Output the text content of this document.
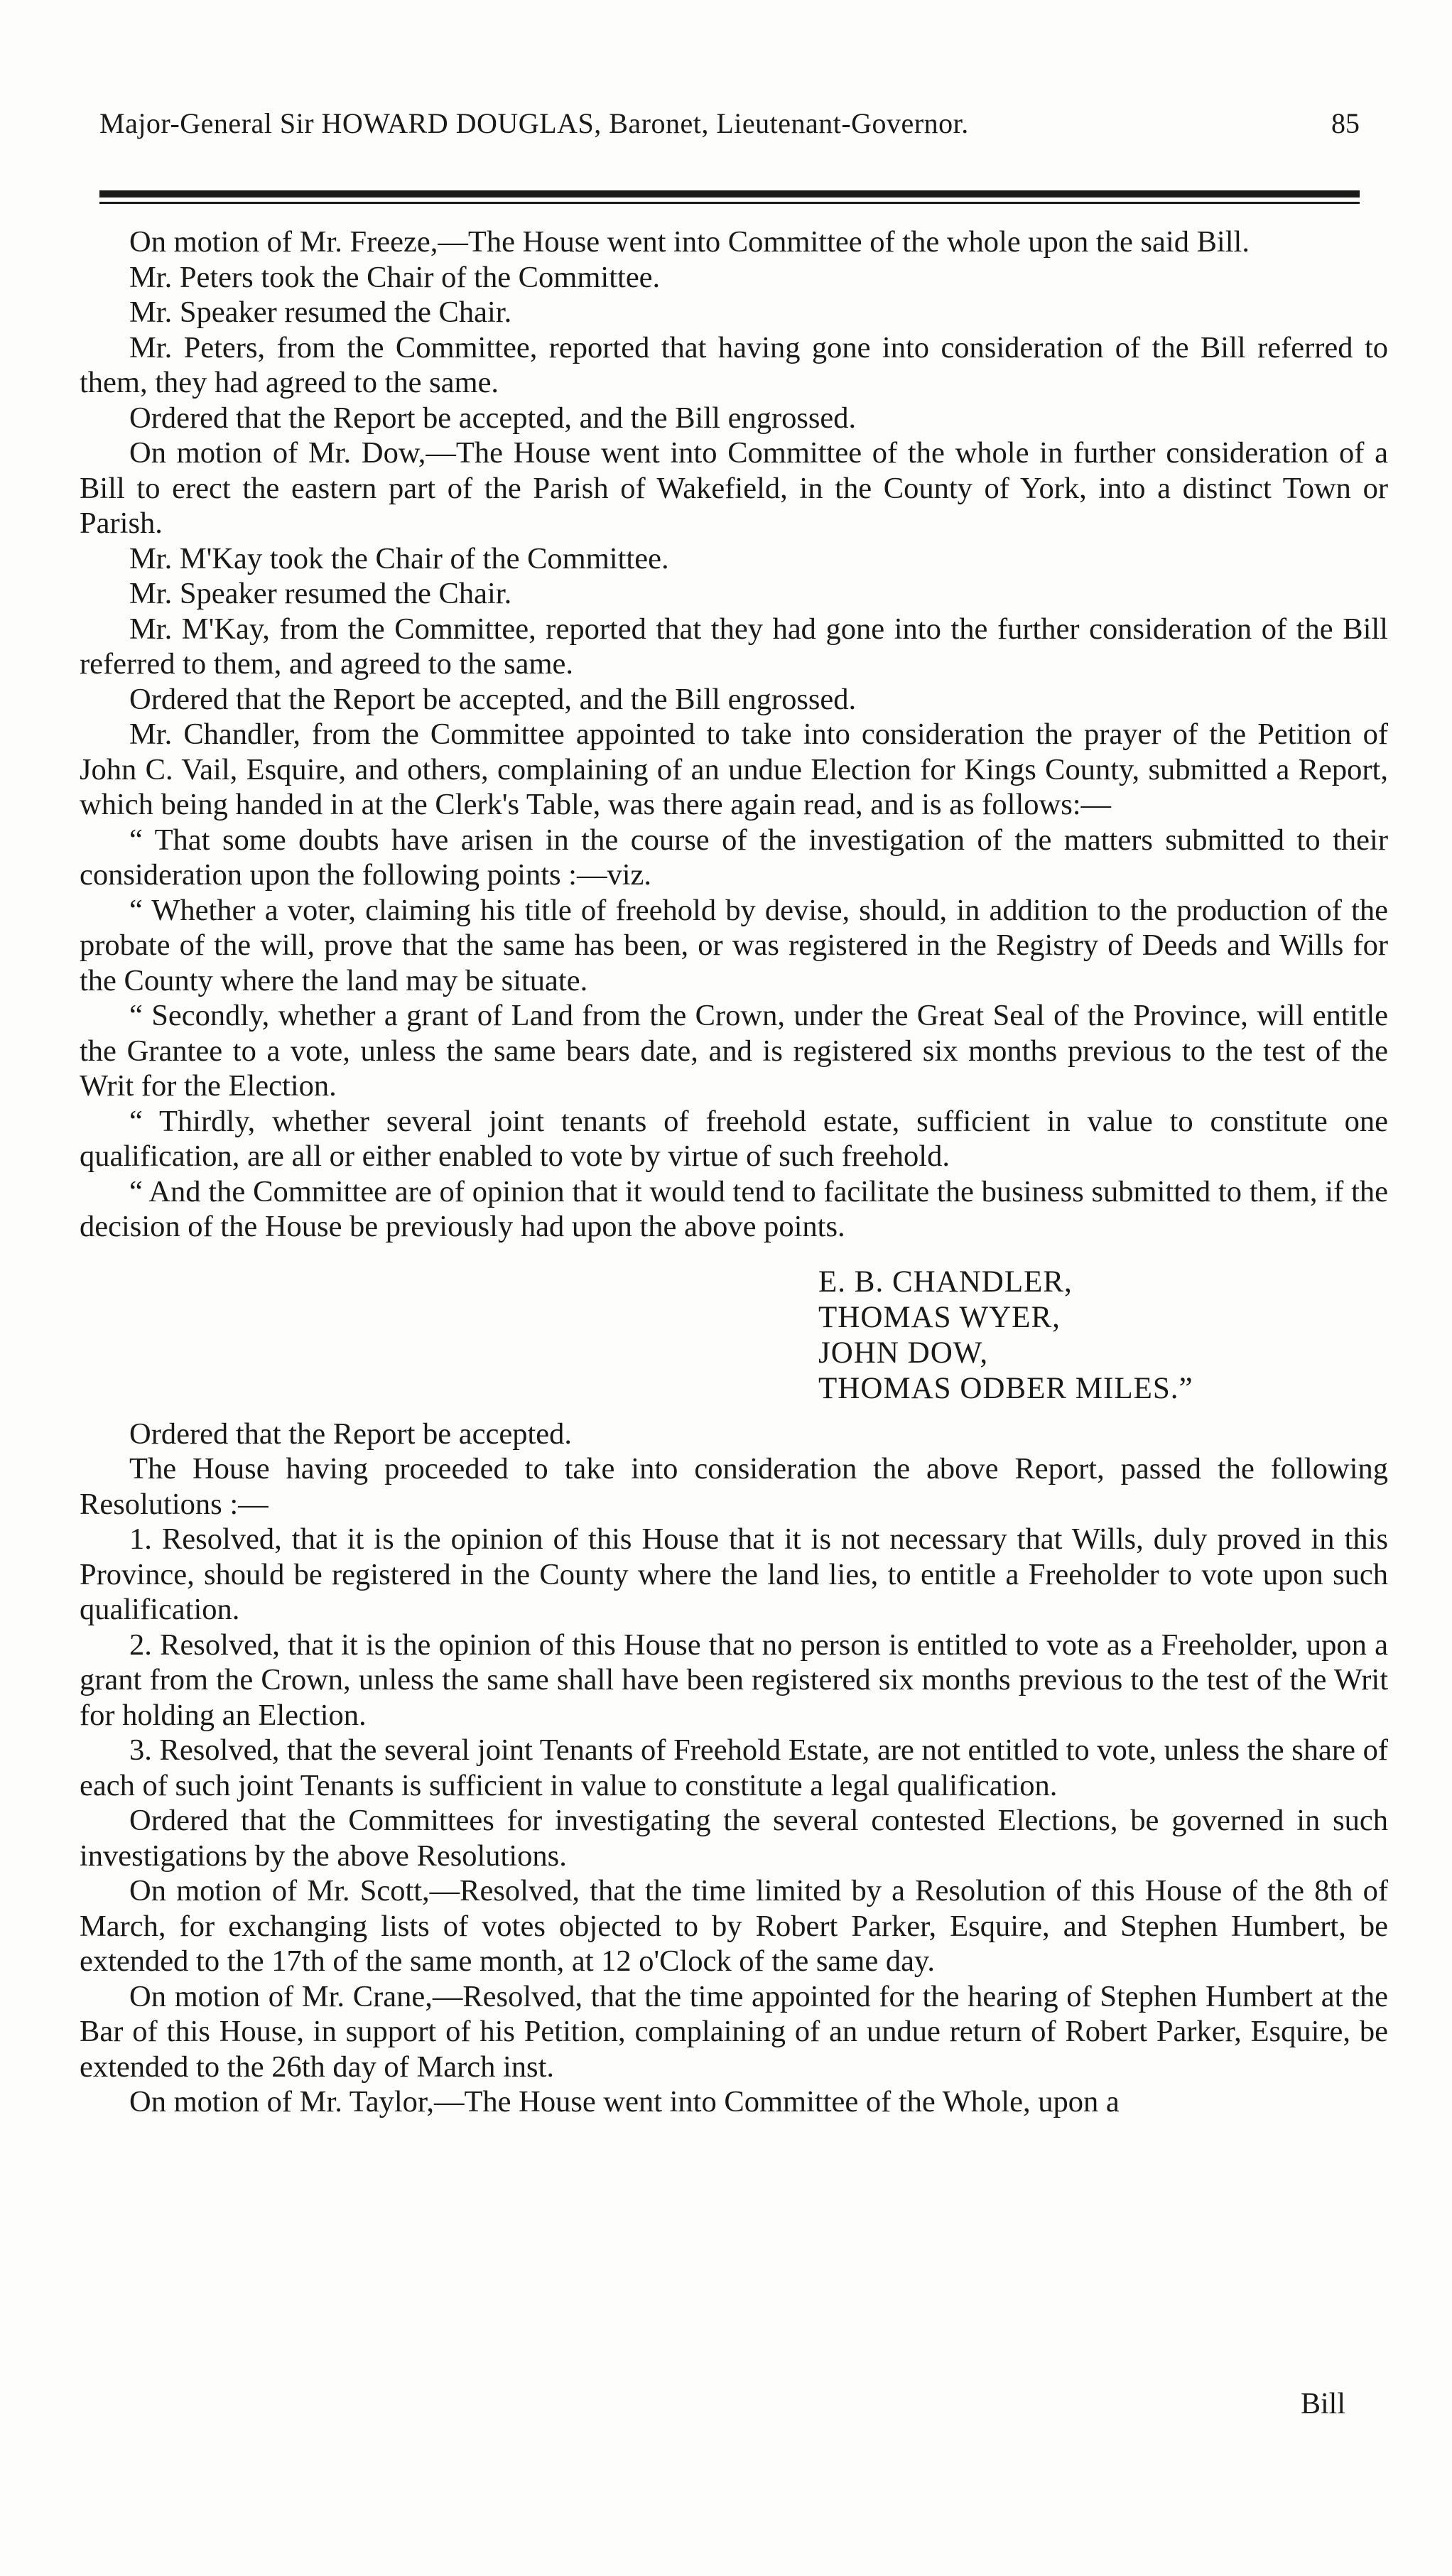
Major-General Sir HOWARD DOUGLAS, Baronet, Lieutenant-Governor.	85

On motion of Mr. Freeze,—The House went into Committee of the whole upon the said Bill.

Mr. Peters took the Chair of the Committee.

Mr. Speaker resumed the Chair.

Mr. Peters, from the Committee, reported that having gone into consideration of the Bill referred to them, they had agreed to the same.

Ordered that the Report be accepted, and the Bill engrossed.

On motion of Mr. Dow,—The House went into Committee of the whole in further consideration of a Bill to erect the eastern part of the Parish of Wakefield, in the County of York, into a distinct Town or Parish.

Mr. M'Kay took the Chair of the Committee.

Mr. Speaker resumed the Chair.

Mr. M'Kay, from the Committee, reported that they had gone into the further consideration of the Bill referred to them, and agreed to the same.

Ordered that the Report be accepted, and the Bill engrossed.

Mr. Chandler, from the Committee appointed to take into consideration the prayer of the Petition of John C. Vail, Esquire, and others, complaining of an undue Election for Kings County, submitted a Report, which being handed in at the Clerk's Table, was there again read, and is as follows:—

“ That some doubts have arisen in the course of the investigation of the matters submitted to their consideration upon the following points :—viz.

“ Whether a voter, claiming his title of freehold by devise, should, in addition to the production of the probate of the will, prove that the same has been, or was registered in the Registry of Deeds and Wills for the County where the land may be situate.

“ Secondly, whether a grant of Land from the Crown, under the Great Seal of the Province, will entitle the Grantee to a vote, unless the same bears date, and is registered six months previous to the test of the Writ for the Election.

“ Thirdly, whether several joint tenants of freehold estate, sufficient in value to constitute one qualification, are all or either enabled to vote by virtue of such freehold.

“ And the Committee are of opinion that it would tend to facilitate the business submitted to them, if the decision of the House be previously had upon the above points.

E. B. CHANDLER,
THOMAS WYER,
JOHN DOW,
THOMAS ODBER MILES.”

Ordered that the Report be accepted.

The House having proceeded to take into consideration the above Report, passed the following Resolutions :—

1. Resolved, that it is the opinion of this House that it is not necessary that Wills, duly proved in this Province, should be registered in the County where the land lies, to entitle a Freeholder to vote upon such qualification.

2. Resolved, that it is the opinion of this House that no person is entitled to vote as a Freeholder, upon a grant from the Crown, unless the same shall have been registered six months previous to the test of the Writ for holding an Election.

3. Resolved, that the several joint Tenants of Freehold Estate, are not entitled to vote, unless the share of each of such joint Tenants is sufficient in value to constitute a legal qualification.

Ordered that the Committees for investigating the several contested Elections, be governed in such investigations by the above Resolutions.

On motion of Mr. Scott,—Resolved, that the time limited by a Resolution of this House of the 8th of March, for exchanging lists of votes objected to by Robert Parker, Esquire, and Stephen Humbert, be extended to the 17th of the same month, at 12 o'Clock of the same day.

On motion of Mr. Crane,—Resolved, that the time appointed for the hearing of Stephen Humbert at the Bar of this House, in support of his Petition, complaining of an undue return of Robert Parker, Esquire, be extended to the 26th day of March inst.

On motion of Mr. Taylor,—The House went into Committee of the Whole, upon a

Bill
